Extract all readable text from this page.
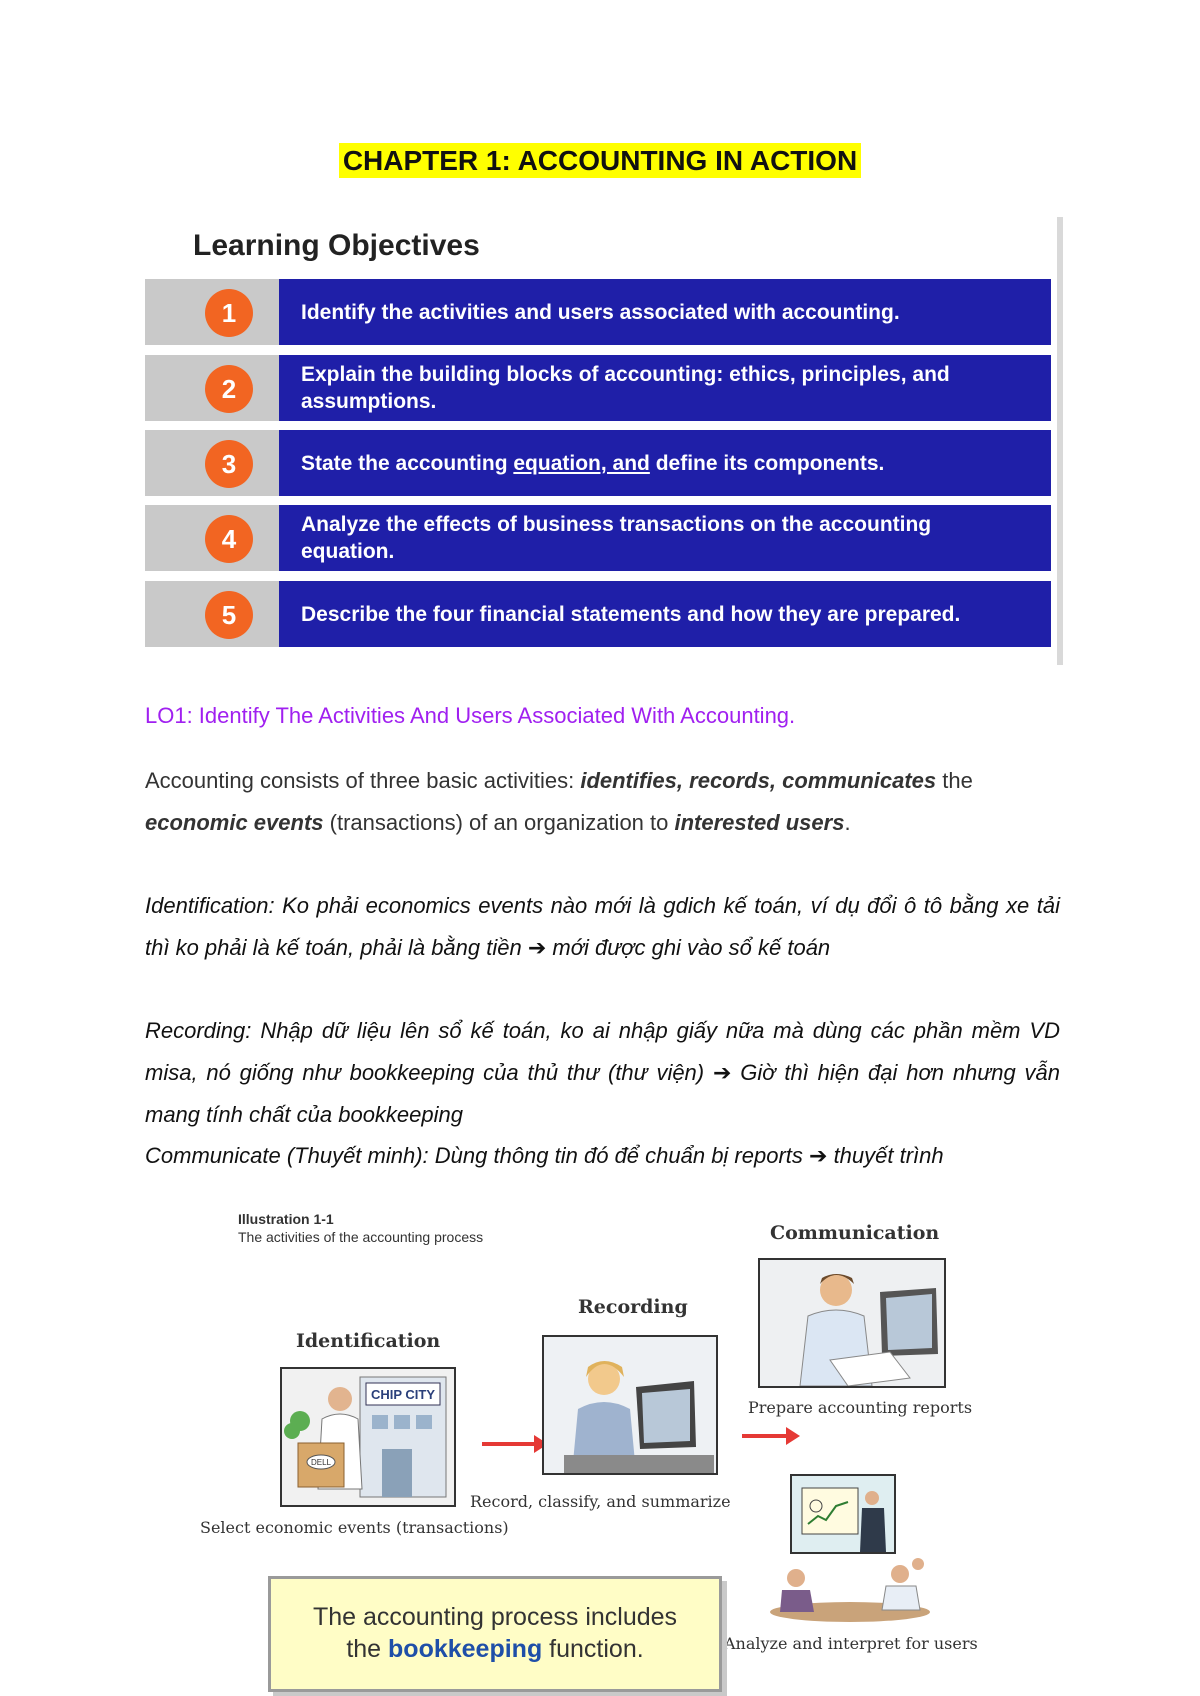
CHAPTER 1: ACCOUNTING IN ACTION
Learning Objectives
1	Identify the activities and users associated with accounting.
2	Explain the building blocks of accounting: ethics, principles, and assumptions.
3	State the accounting equation, and define its components.
4	Analyze the effects of business transactions on the accounting equation.
5	Describe the four financial statements and how they are prepared.
LO1: Identify The Activities And Users Associated With Accounting.
Accounting consists of three basic activities: identifies, records, communicates the economic events (transactions) of an organization to interested users.
Identification: Ko phải economics events nào mới là gdich kế toán, ví dụ đổi ô tô bằng xe tải thì ko phải là kế toán, phải là bằng tiền ➔ mới được ghi vào sổ kế toán
Recording: Nhập dữ liệu lên sổ kế toán, ko ai nhập giấy nữa mà dùng các phần mềm VD misa, nó giống như bookkeeping của thủ thư (thư viện) ➔ Giờ thì hiện đại hơn nhưng vẫn mang tính chất của bookkeeping
Communicate (Thuyết minh): Dùng thông tin đó để chuẩn bị reports ➔ thuyết trình
Illustration 1-1
The activities of the accounting process
Identification
CHIP CITY
DELL
Select economic events (transactions)
Recording
Record, classify, and summarize
Communication
Prepare accounting reports
Analyze and interpret for users
The accounting process includes
the bookkeeping function.
